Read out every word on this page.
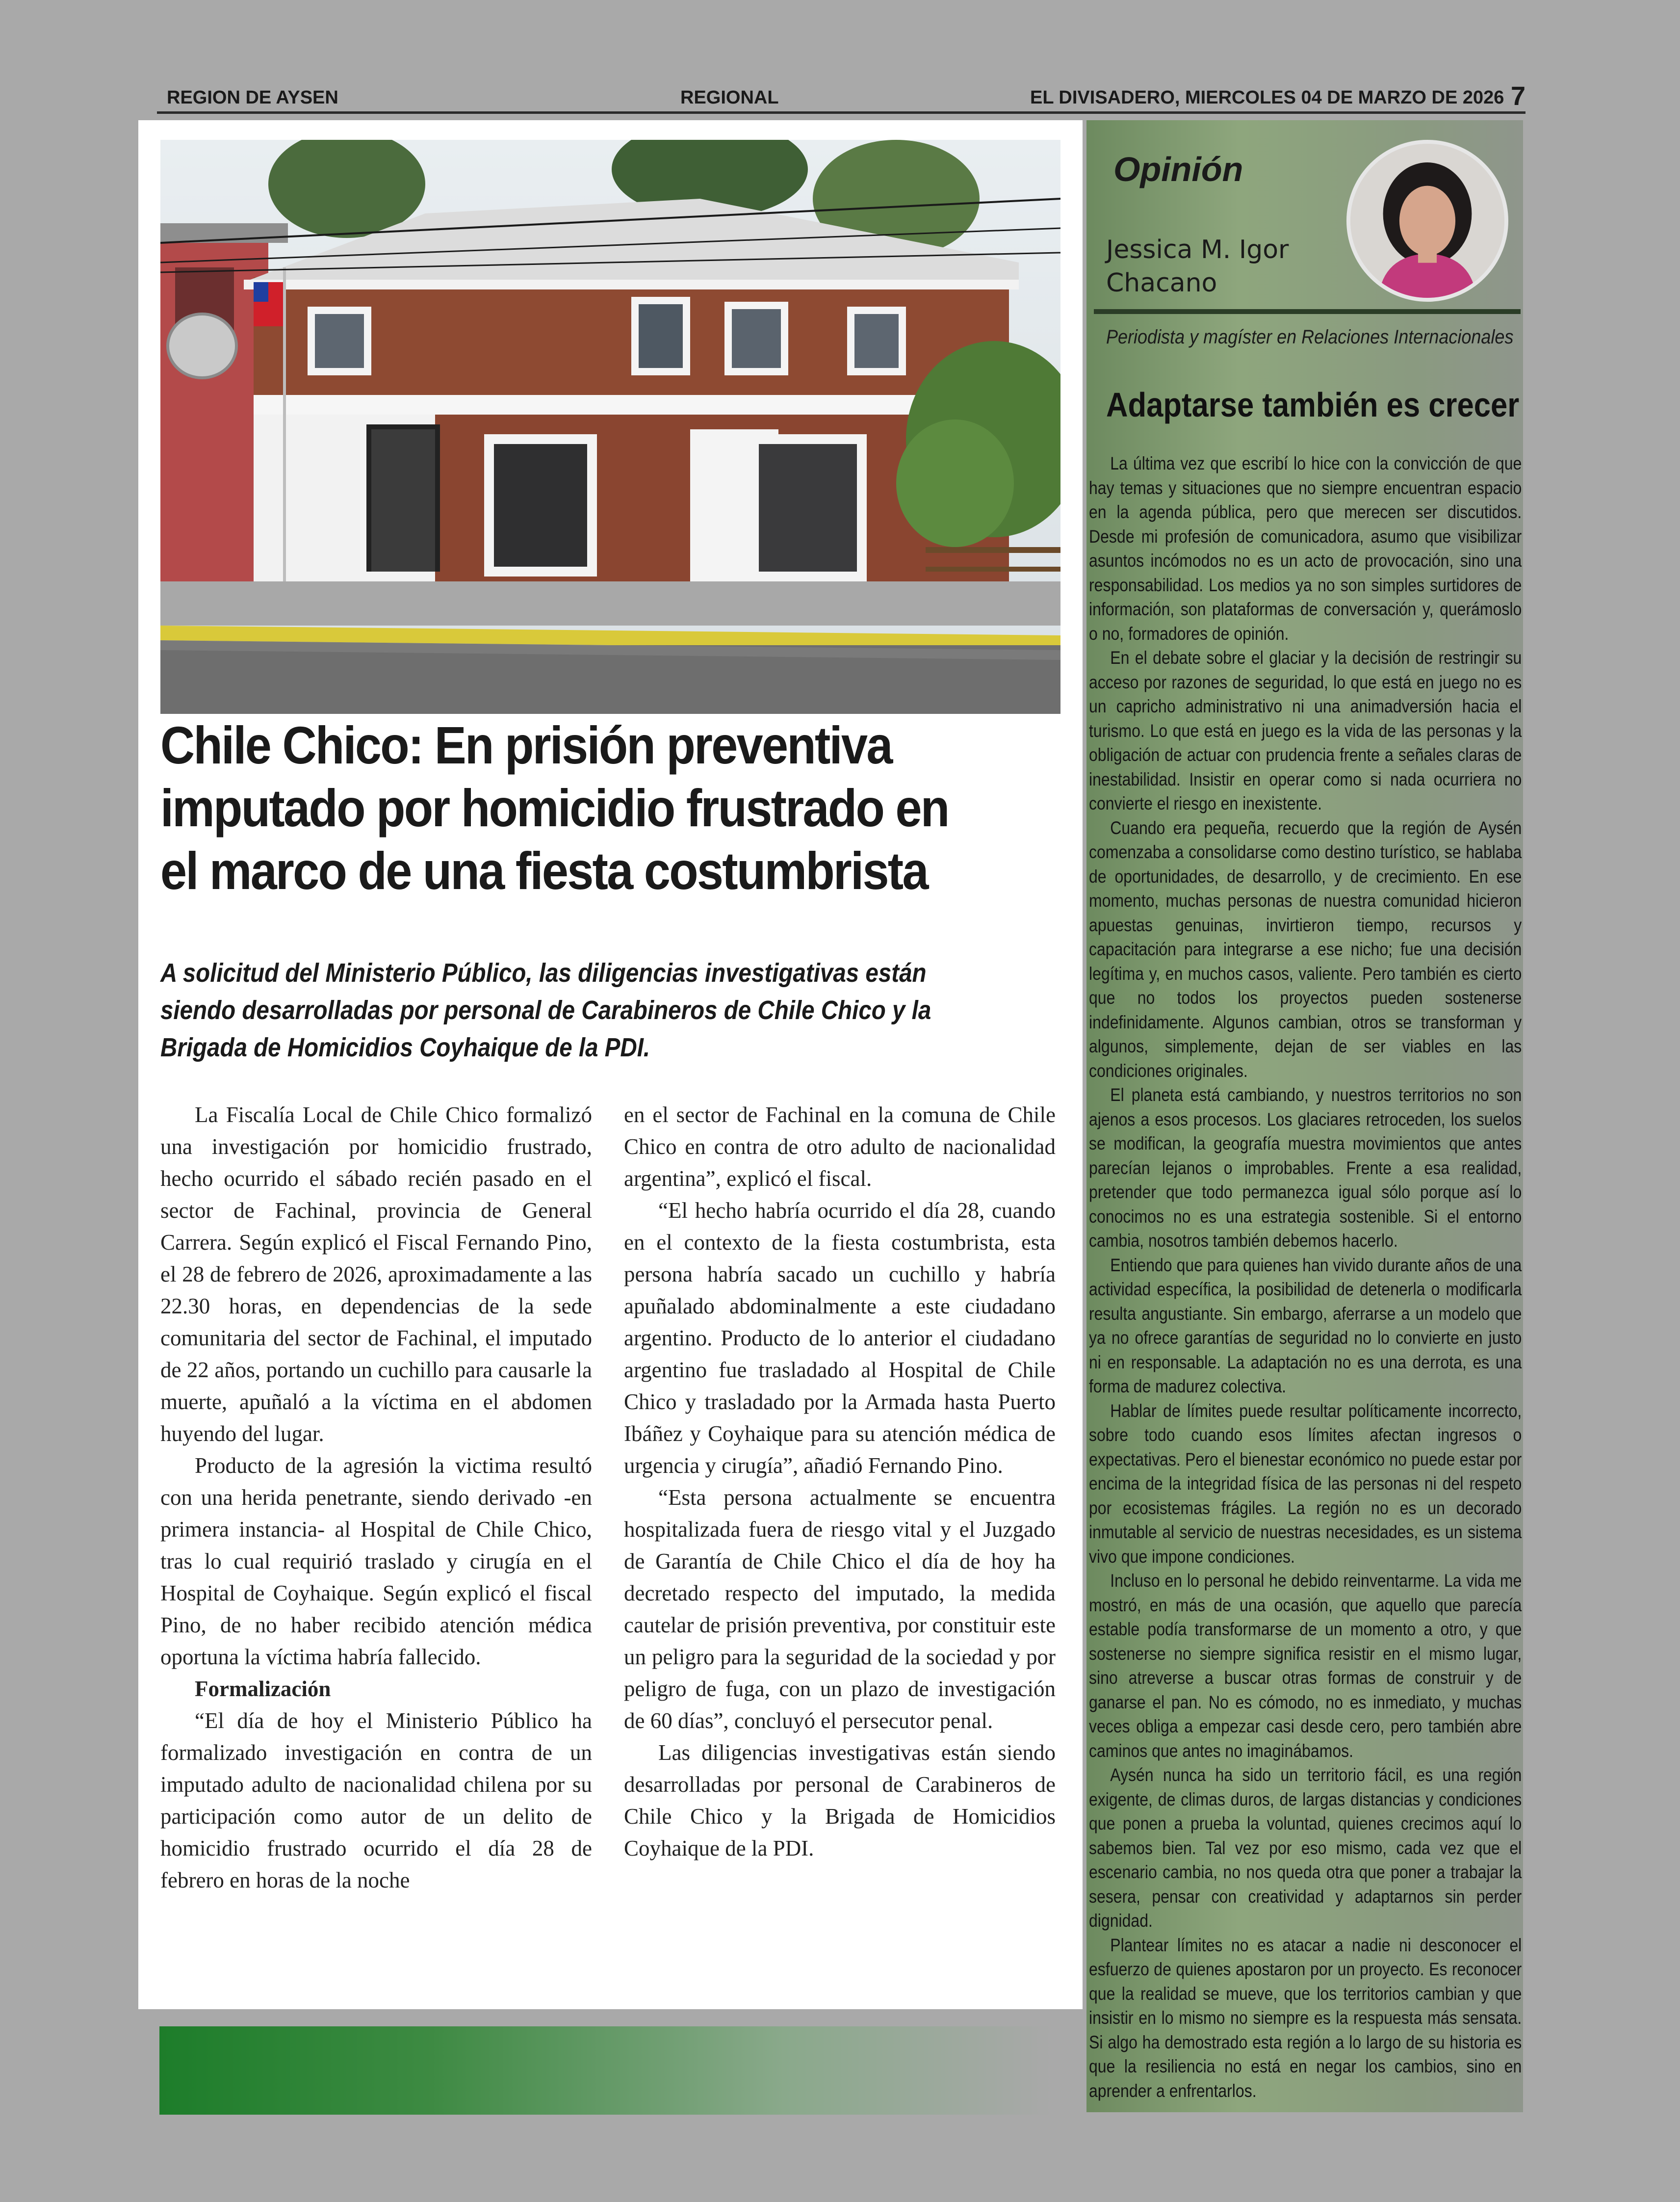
REGION DE AYSEN	REGIONAL	EL DIVISADERO, MIERCOLES 04 DE MARZO DE 2026 7
Chile Chico: En prisión preventiva imputado por homicidio frustrado en el marco de una fiesta costumbrista

A solicitud del Ministerio Público, las diligencias investigativas están siendo desarrolladas por personal de Carabineros de Chile Chico y la Brigada de Homicidios Coyhaique de la PDI.

La Fiscalía Local de Chile Chico formalizó una investigación por homicidio frustrado, hecho ocurrido el sábado recién pasado en el sector de Fachinal, provincia de General Carrera. Según explicó el Fiscal Fernando Pino, el 28 de febrero de 2026, aproximadamente a las 22.30 horas, en dependencias de la sede comunitaria del sector de Fachinal, el imputado de 22 años, portando un cuchillo para causarle la muerte, apuñaló a la víctima en el abdomen huyendo del lugar.

Producto de la agresión la victima resultó con una herida penetrante, siendo derivado -en primera instancia- al Hospital de Chile Chico, tras lo cual requirió traslado y cirugía en el Hospital de Coyhaique. Según explicó el fiscal Pino, de no haber recibido atención médica oportuna la víctima habría fallecido.

Formalización

“El día de hoy el Ministerio Público ha formalizado investigación en contra de un imputado adulto de nacionalidad chilena por su participación como autor de un delito de homicidio frustrado ocurrido el día 28 de febrero en horas de la noche

en el sector de Fachinal en la comuna de Chile Chico en contra de otro adulto de nacionalidad argentina”, explicó el fiscal.

“El hecho habría ocurrido el día 28, cuando en el contexto de la fiesta costumbrista, esta persona habría sacado un cuchillo y habría apuñalado abdominalmente a este ciudadano argentino. Producto de lo anterior el ciudadano argentino fue trasladado al Hospital de Chile Chico y trasladado por la Armada hasta Puerto Ibáñez y Coyhaique para su atención médica de urgencia y cirugía”, añadió Fernando Pino.

“Esta persona actualmente se encuentra hospitalizada fuera de riesgo vital y el Juzgado de Garantía de Chile Chico el día de hoy ha decretado respecto del imputado, la medida cautelar de prisión preventiva, por constituir este un peligro para la seguridad de la sociedad y por peligro de fuga, con un plazo de investigación de 60 días”, concluyó el persecutor penal.

Las diligencias investigativas están siendo desarrolladas por personal de Carabineros de Chile Chico y la Brigada de Homicidios Coyhaique de la PDI.

Opinión
Jessica M. Igor Chacano
Periodista y magíster en Relaciones Internacionales
Adaptarse también es crecer

La última vez que escribí lo hice con la convicción de que hay temas y situaciones que no siempre encuentran espacio en la agenda pública, pero que merecen ser discutidos. Desde mi profesión de comunicadora, asumo que visibilizar asuntos incómodos no es un acto de provocación, sino una responsabilidad. Los medios ya no son simples surtidores de información, son plataformas de conversación y, querámoslo o no, formadores de opinión.

En el debate sobre el glaciar y la decisión de restringir su acceso por razones de seguridad, lo que está en juego no es un capricho administrativo ni una animadversión hacia el turismo. Lo que está en juego es la vida de las personas y la obligación de actuar con prudencia frente a señales claras de inestabilidad. Insistir en operar como si nada ocurriera no convierte el riesgo en inexistente.

Cuando era pequeña, recuerdo que la región de Aysén comenzaba a consolidarse como destino turístico, se hablaba de oportunidades, de desarrollo, y de crecimiento. En ese momento, muchas personas de nuestra comunidad hicieron apuestas genuinas, invirtieron tiempo, recursos y capacitación para integrarse a ese nicho; fue una decisión legítima y, en muchos casos, valiente. Pero también es cierto que no todos los proyectos pueden sostenerse indefinidamente. Algunos cambian, otros se transforman y algunos, simplemente, dejan de ser viables en las condiciones originales.

El planeta está cambiando, y nuestros territorios no son ajenos a esos procesos. Los glaciares retroceden, los suelos se modifican, la geografía muestra movimientos que antes parecían lejanos o improbables. Frente a esa realidad, pretender que todo permanezca igual sólo porque así lo conocimos no es una estrategia sostenible. Si el entorno cambia, nosotros también debemos hacerlo.

Entiendo que para quienes han vivido durante años de una actividad específica, la posibilidad de detenerla o modificarla resulta angustiante. Sin embargo, aferrarse a un modelo que ya no ofrece garantías de seguridad no lo convierte en justo ni en responsable. La adaptación no es una derrota, es una forma de madurez colectiva.

Hablar de límites puede resultar políticamente incorrecto, sobre todo cuando esos límites afectan ingresos o expectativas. Pero el bienestar económico no puede estar por encima de la integridad física de las personas ni del respeto por ecosistemas frágiles. La región no es un decorado inmutable al servicio de nuestras necesidades, es un sistema vivo que impone condiciones.

Incluso en lo personal he debido reinventarme. La vida me mostró, en más de una ocasión, que aquello que parecía estable podía transformarse de un momento a otro, y que sostenerse no siempre significa resistir en el mismo lugar, sino atreverse a buscar otras formas de construir y de ganarse el pan. No es cómodo, no es inmediato, y muchas veces obliga a empezar casi desde cero, pero también abre caminos que antes no imaginábamos.

Aysén nunca ha sido un territorio fácil, es una región exigente, de climas duros, de largas distancias y condiciones que ponen a prueba la voluntad, quienes crecimos aquí lo sabemos bien. Tal vez por eso mismo, cada vez que el escenario cambia, no nos queda otra que poner a trabajar la sesera, pensar con creatividad y adaptarnos sin perder dignidad.

Plantear límites no es atacar a nadie ni desconocer el esfuerzo de quienes apostaron por un proyecto. Es reconocer que la realidad se mueve, que los territorios cambian y que insistir en lo mismo no siempre es la respuesta más sensata. Si algo ha demostrado esta región a lo largo de su historia es que la resiliencia no está en negar los cambios, sino en aprender a enfrentarlos.
